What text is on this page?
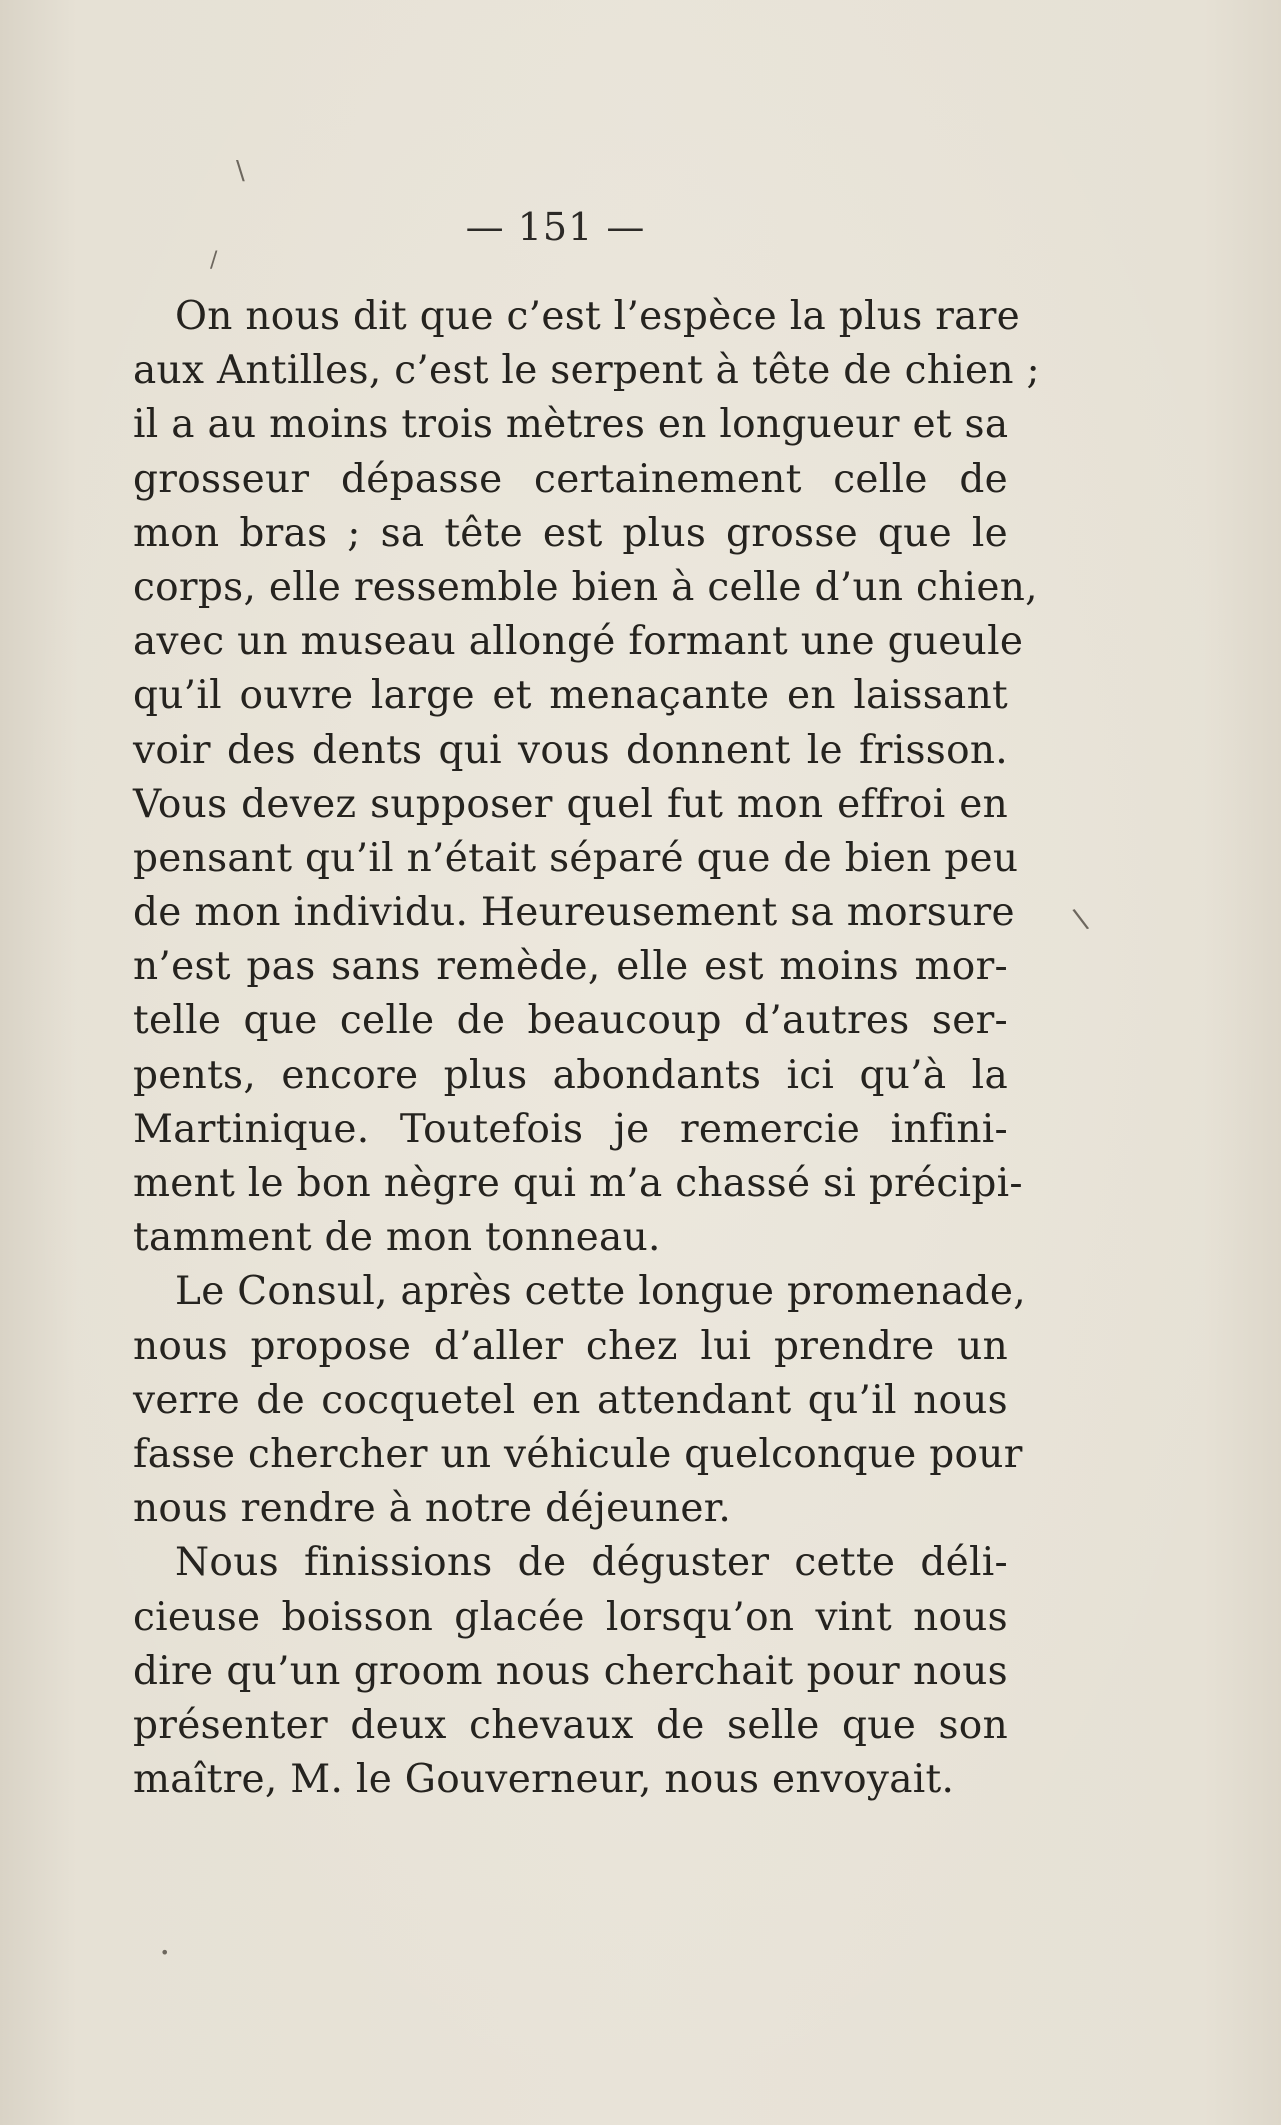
\
/
\
•
— 151 —
On nous dit que c’est l’espèce la plus rare
aux Antilles, c’est le serpent à tête de chien ;
il a au moins trois mètres en longueur et sa
grosseur dépasse certainement celle de
mon bras ; sa tête est plus grosse que le
corps, elle ressemble bien à celle d’un chien,
avec un museau allongé formant une gueule
qu’il ouvre large et menaçante en laissant
voir des dents qui vous donnent le frisson.
Vous devez supposer quel fut mon effroi en
pensant qu’il n’était séparé que de bien peu
de mon individu. Heureusement sa morsure
n’est pas sans remède, elle est moins mor-
telle que celle de beaucoup d’autres ser-
pents, encore plus abondants ici qu’à la
Martinique. Toutefois je remercie infini-
ment le bon nègre qui m’a chassé si précipi-
tamment de mon tonneau.
Le Consul, après cette longue promenade,
nous propose d’aller chez lui prendre un
verre de cocquetel en attendant qu’il nous
fasse chercher un véhicule quelconque pour
nous rendre à notre déjeuner.
Nous finissions de déguster cette déli-
cieuse boisson glacée lorsqu’on vint nous
dire qu’un groom nous cherchait pour nous
présenter deux chevaux de selle que son
maître, M. le Gouverneur, nous envoyait.
